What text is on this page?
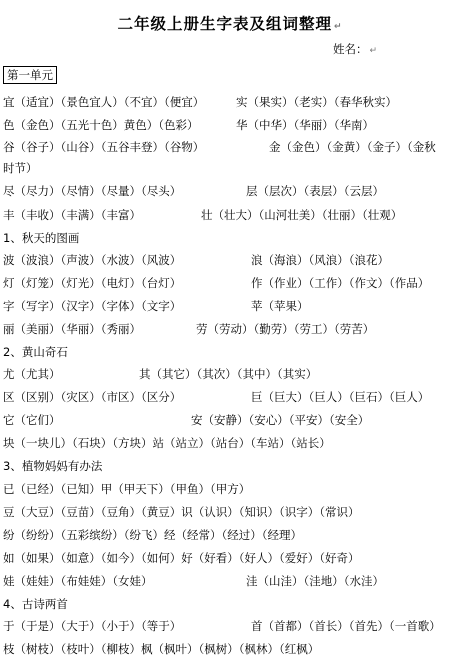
二年级上册生字表及组词整理 ↵
姓名： ↵
第一单元
宜（适宜）（景色宜人）（不宜）（便宜）	实（果实）（老实）（春华秋实）
色（金色）（五光十色）黄色）（色彩）	华（中华）（华丽）（华南）
谷（谷子）（山谷）（五谷丰登）（谷物）	金（金色）（金黄）（金子）（金秋
时节）
尽（尽力）（尽情）（尽量）（尽头）	层（层次）（表层）（云层）
丰（丰收）（丰满）（丰富）	壮（壮大）（山河壮美）（壮丽）（壮观）
1、秋天的图画
波（波浪）（声波）（水波）（风波）	浪（海浪）（风浪）（浪花）
灯（灯笼）（灯光）（电灯）（台灯）	作（作业）（工作）（作文）（作品）
字（写字）（汉字）（字体）（文字）	苹（苹果）
丽（美丽）（华丽）（秀丽）	劳（劳动）（勤劳）（劳工）（劳苦）
2、黄山奇石
尤（尤其）	其（其它）（其次）（其中）（其实）
区（区别）（灾区）（市区）（区分）	巨（巨大）（巨人）（巨石）（巨人）
它（它们）	安（安静）（安心）（平安）（安全）
块（一块儿）（石块）（方块）站（站立）（站台）（车站）（站长）
3、植物妈妈有办法
已（已经）（已知）甲（甲天下）（甲鱼）（甲方）
豆（大豆）（豆苗）（豆角）（黄豆）识（认识）（知识）（识字）（常识）
纷（纷纷）（五彩缤纷）（纷飞）经（经常）（经过）（经理）
如（如果）（如意）（如今）（如何）好（好看）（好人）（爱好）（好奇）
娃（娃娃）（布娃娃）（女娃）	洼（山洼）（洼地）（水洼）
4、古诗两首
于（于是）（大于）（小于）（等于）	首（首都）（首长）（首先）（一首歌）
枝（树枝）（枝叶）（柳枝）枫（枫叶）（枫树）（枫林）（红枫）
